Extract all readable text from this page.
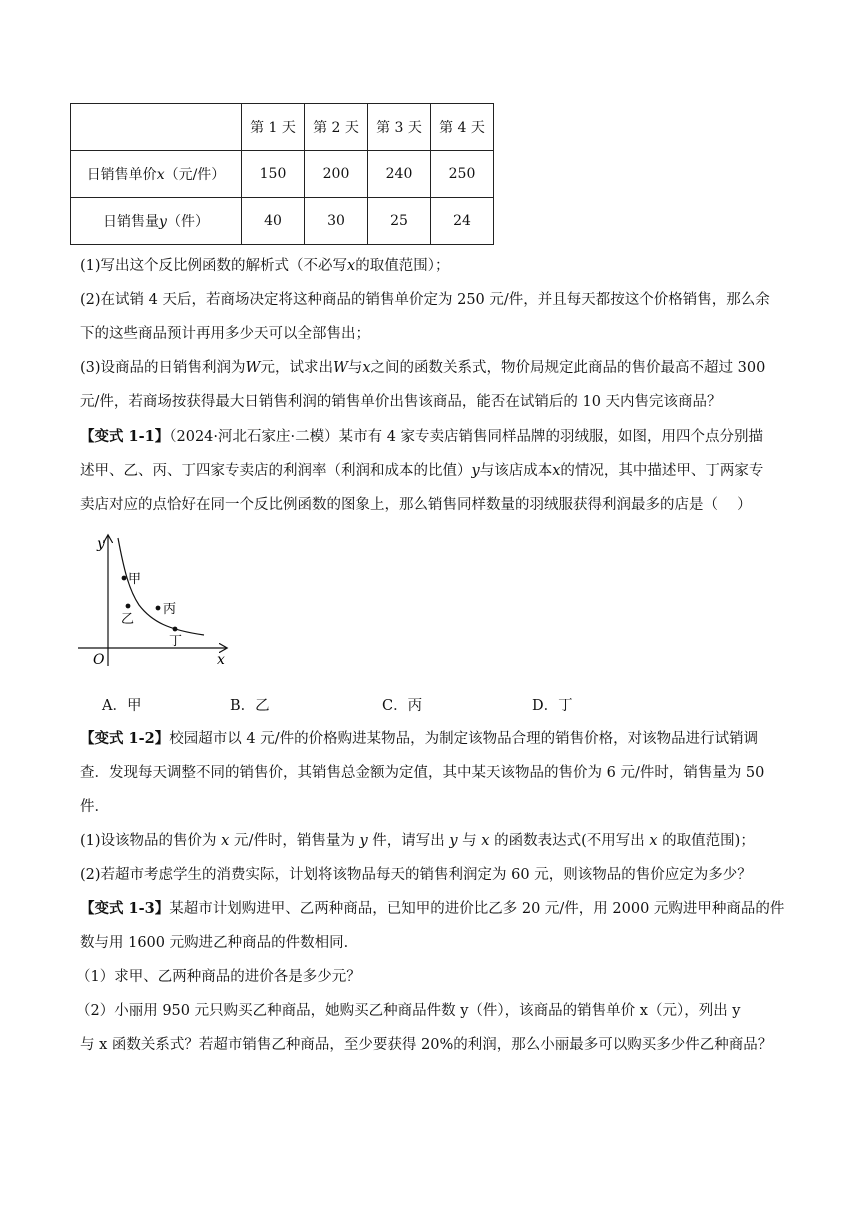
	第 1 天	第 2 天	第 3 天	第 4 天
日销售单价x（元/件）	150	200	240	250
日销售量y（件）	40	30	25	24
(1)写出这个反比例函数的解析式（不必写x的取值范围）；
(2)在试销 4 天后，若商场决定将这种商品的销售单价定为 250 元/件，并且每天都按这个价格销售，那么余
下的这些商品预计再用多少天可以全部售出；
(3)设商品的日销售利润为W元，试求出W与x之间的函数关系式，物价局规定此商品的售价最高不超过 300
元/件，若商场按获得最大日销售利润的销售单价出售该商品，能否在试销后的 10 天内售完该商品？
【变式 1-1】（2024·河北石家庄·二模）某市有 4 家专卖店销售同样品牌的羽绒服，如图，用四个点分别描
述甲、乙、丙、丁四家专卖店的利润率（利润和成本的比值）y与该店成本x的情况，其中描述甲、丁两家专
卖店对应的点恰好在同一个反比例函数的图象上，那么销售同样数量的羽绒服获得利润最多的店是（　 ）
y
x
O
甲
乙
丙
丁
A．甲	B．乙	C．丙	D．丁
【变式 1-2】校园超市以 4 元/件的价格购进某物品，为制定该物品合理的销售价格，对该物品进行试销调
查．发现每天调整不同的销售价，其销售总金额为定值，其中某天该物品的售价为 6 元/件时，销售量为 50
件．
(1)设该物品的售价为 x 元/件时，销售量为 y 件，请写出 y 与 x 的函数表达式(不用写出 x 的取值范围)；
(2)若超市考虑学生的消费实际，计划将该物品每天的销售利润定为 60 元，则该物品的售价应定为多少？
【变式 1-3】某超市计划购进甲、乙两种商品，已知甲的进价比乙多 20 元/件，用 2000 元购进甲种商品的件
数与用 1600 元购进乙种商品的件数相同．
（1）求甲、乙两种商品的进价各是多少元？
（2）小丽用 950 元只购买乙种商品，她购买乙种商品件数 y（件），该商品的销售单价 x（元），列出 y
与 x 函数关系式？若超市销售乙种商品，至少要获得 20%的利润，那么小丽最多可以购买多少件乙种商品？
